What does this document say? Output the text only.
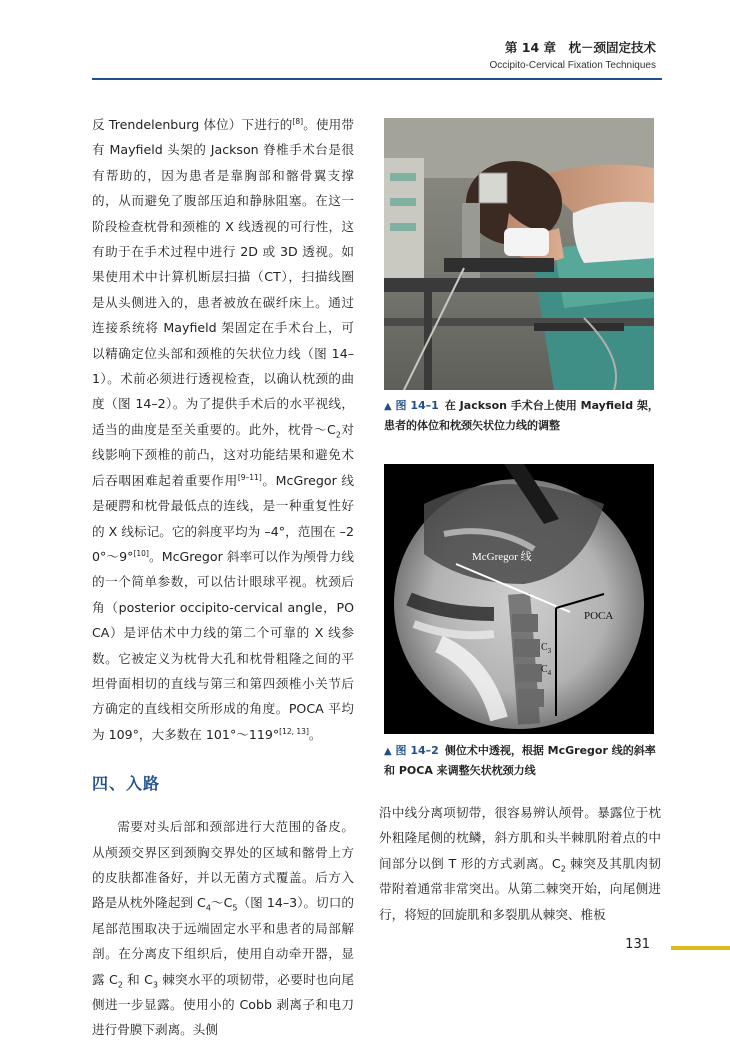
第 14 章　枕－颈固定技术
Occipito-Cervical Fixation Techniques

反 Trendelenburg 体位）下进行的[8]。使用带有 Mayfield 头架的 Jackson 脊椎手术台是很有帮助的，因为患者是靠胸部和髂骨翼支撑的，从而避免了腹部压迫和静脉阻塞。在这一阶段检查枕骨和颈椎的 X 线透视的可行性，这有助于在手术过程中进行 2D 或 3D 透视。如果使用术中计算机断层扫描（CT），扫描线圈是从头侧进入的，患者被放在碳纤床上。通过连接系统将 Mayfield 架固定在手术台上，可以精确定位头部和颈椎的矢状位力线（图 14–1）。术前必须进行透视检查，以确认枕颈的曲度（图 14–2）。为了提供手术后的水平视线，适当的曲度是至关重要的。此外，枕骨$\sim C_2$对线影响下颈椎的前凸，这对功能结果和避免术后吞咽困难起着重要作用[9–11]。McGregor 线是硬腭和枕骨最低点的连线，是一种重复性好的 X 线标记。它的斜度平均为 –4°，范围在 –20°～9°[10]。McGregor 斜率可以作为颅骨力线的一个简单参数，可以估计眼球平视。枕颈后角（posterior occipito-cervical angle，POCA）是评估术中力线的第二个可靠的 X 线参数。它被定义为枕骨大孔和枕骨粗隆之间的平坦骨面相切的直线与第三和第四颈椎小关节后方确定的直线相交所形成的角度。POCA 平均为 109°，大多数在 101°～119°[12, 13]。

四、入路

需要对头后部和颈部进行大范围的备皮。从颅颈交界区到颈胸交界处的区域和髂骨上方的皮肤都准备好，并以无菌方式覆盖。后方入路是从枕外隆起到 $C_4\sim C_5$（图 14–3）。切口的尾部范围取决于远端固定水平和患者的局部解剖。在分离皮下组织后，使用自动牵开器，显露 $C_2$ 和 $C_3$ 棘突水平的项韧带，必要时也向尾侧进一步显露。使用小的 Cobb 剥离子和电刀进行骨膜下剥离。头侧

▲ 图 14–1 在 Jackson 手术台上使用 Mayfield 架，患者的体位和枕颈矢状位力线的调整
McGregor 线
POCA
$C_3$
$C_4$
▲ 图 14–2 侧位术中透视，根据 McGregor 线的斜率和 POCA 来调整矢状枕颈力线

沿中线分离项韧带，很容易辨认颅骨。暴露位于枕外粗隆尾侧的枕鳞，斜方肌和头半棘肌附着点的中间部分以倒 T 形的方式剥离。$C_2$ 棘突及其肌肉韧带附着通常非常突出。从第二棘突开始，向尾侧进行，将短的回旋肌和多裂肌从棘突、椎板

131
